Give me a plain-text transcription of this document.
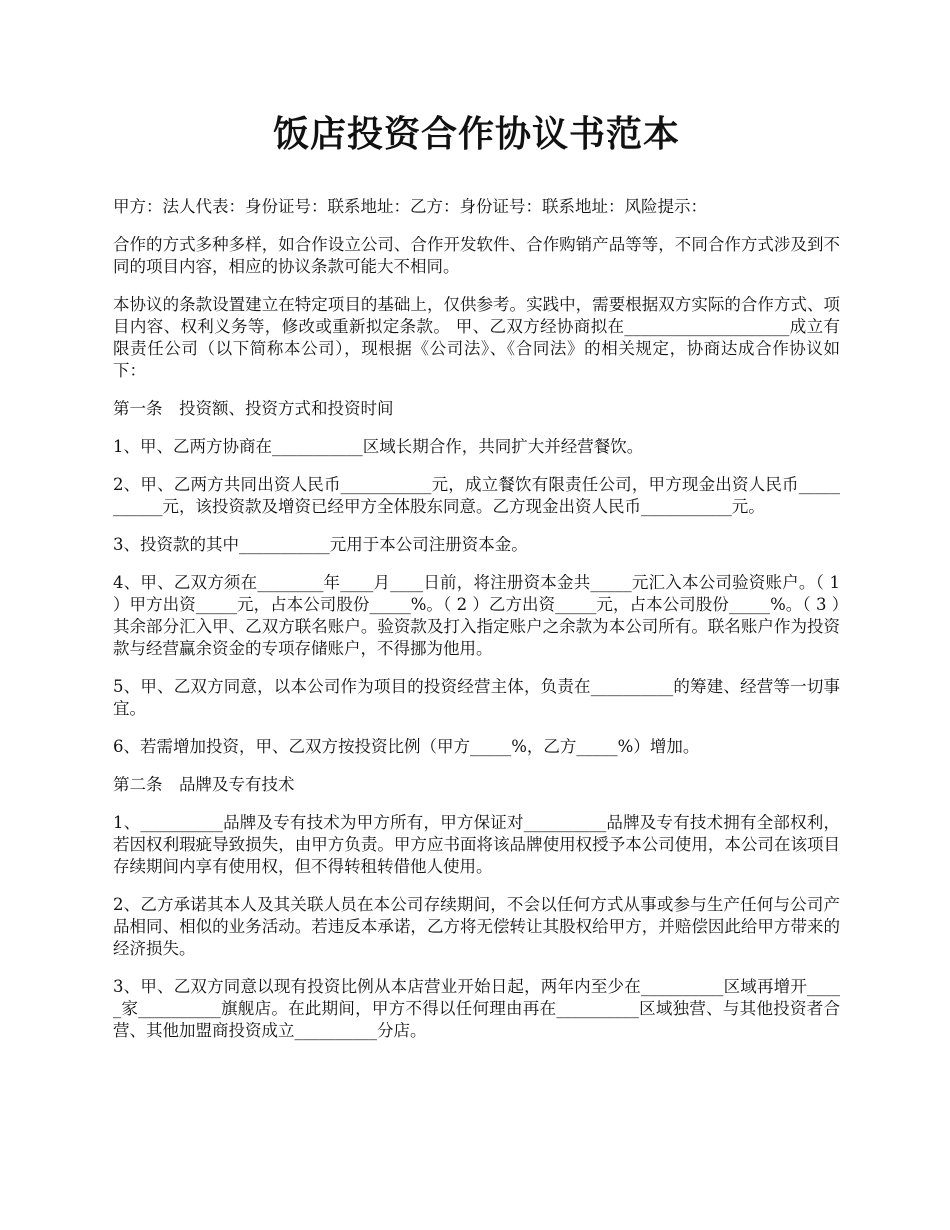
饭店投资合作协议书范本

甲方：法人代表：身份证号：联系地址：乙方：身份证号：联系地址：风险提示：

合作的方式多种多样，如合作设立公司、合作开发软件、合作购销产品等等，不同合作方式涉及到不同的项目内容，相应的协议条款可能大不相同。

本协议的条款设置建立在特定项目的基础上，仅供参考。实践中，需要根据双方实际的合作方式、项目内容、权利义务等，修改或重新拟定条款。 甲、乙双方经协商拟在____________________成立有限责任公司（以下简称本公司），现根据《公司法》、《合同法》的相关规定，协商达成合作协议如下：

第一条　投资额、投资方式和投资时间

1、甲、乙两方协商在___________区域长期合作，共同扩大并经营餐饮。

2、甲、乙两方共同出资人民币___________元，成立餐饮有限责任公司，甲方现金出资人民币___________元，该投资款及增资已经甲方全体股东同意。乙方现金出资人民币___________元。

3、投资款的其中___________元用于本公司注册资本金。

4、甲、乙双方须在________年____月____日前，将注册资本金共_____元汇入本公司验资账户。（ 1 ）甲方出资_____元，占本公司股份_____%。（ 2 ）乙方出资_____元，占本公司股份_____%。（ 3 ）其余部分汇入甲、乙双方联名账户。验资款及打入指定账户之余款为本公司所有。联名账户作为投资款与经营赢余资金的专项存储账户，不得挪为他用。

5、甲、乙双方同意，以本公司作为项目的投资经营主体，负责在__________的筹建、经营等一切事宜。

6、若需增加投资，甲、乙双方按投资比例（甲方_____%，乙方_____%）增加。

第二条　品牌及专有技术

1、__________品牌及专有技术为甲方所有，甲方保证对__________品牌及专有技术拥有全部权利，若因权利瑕疵导致损失，由甲方负责。甲方应书面将该品牌使用权授予本公司使用，本公司在该项目存续期间内享有使用权，但不得转租转借他人使用。

2、乙方承诺其本人及其关联人员在本公司存续期间，不会以任何方式从事或参与生产任何与公司产品相同、相似的业务活动。若违反本承诺，乙方将无偿转让其股权给甲方，并赔偿因此给甲方带来的经济损失。

3、甲、乙双方同意以现有投资比例从本店营业开始日起，两年内至少在__________区域再增开_____家__________旗舰店。在此期间，甲方不得以任何理由再在__________区域独营、与其他投资者合营、其他加盟商投资成立__________分店。
